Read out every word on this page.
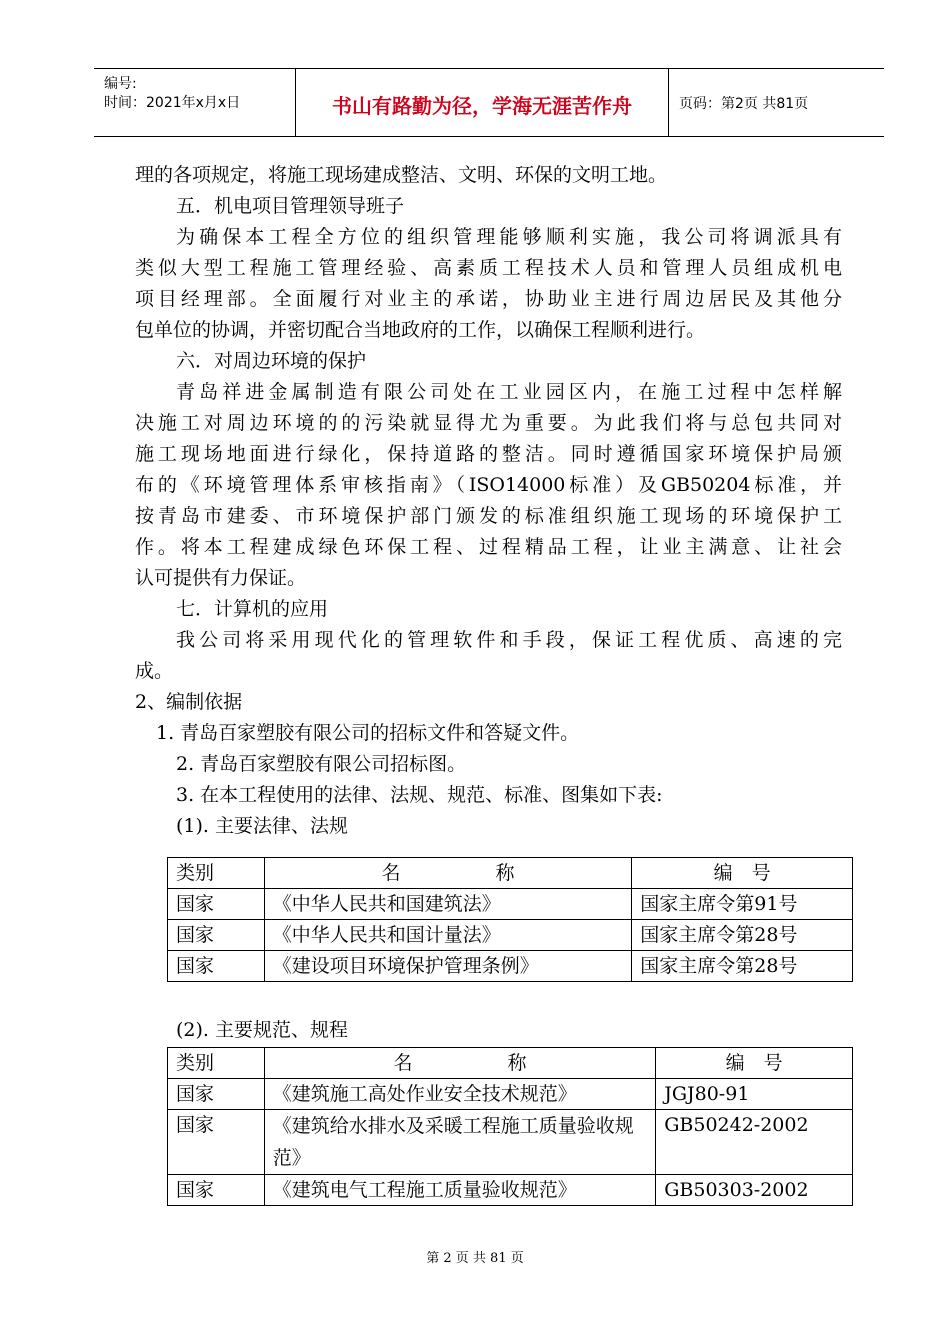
编号:
时间：2021年x月x日	书山有路勤为径，学海无涯苦作舟	页码：第2页 共81页
理的各项规定，将施工现场建成整洁、文明、环保的文明工地。
五．机电项目管理领导班子
为确保本工程全方位的组织管理能够顺利实施，我公司将调派具有
类似大型工程施工管理经验、高素质工程技术人员和管理人员组成机电
项目经理部。全面履行对业主的承诺，协助业主进行周边居民及其他分
包单位的协调，并密切配合当地政府的工作，以确保工程顺利进行。
六．对周边环境的保护
青岛祥进金属制造有限公司处在工业园区内，在施工过程中怎样解
决施工对周边环境的的污染就显得尤为重要。为此我们将与总包共同对
施工现场地面进行绿化，保持道路的整洁。同时遵循国家环境保护局颁
布的《环境管理体系审核指南》（ISO14000标准）及GB50204标准，并
按青岛市建委、市环境保护部门颁发的标准组织施工现场的环境保护工
作。将本工程建成绿色环保工程、过程精品工程，让业主满意、让社会
认可提供有力保证。
七．计算机的应用
我公司将采用现代化的管理软件和手段，保证工程优质、高速的完
成。
2、编制依据
1. 青岛百家塑胶有限公司的招标文件和答疑文件。
2. 青岛百家塑胶有限公司招标图。
3. 在本工程使用的法律、法规、规范、标准、图集如下表:
(1). 主要法律、法规
类别	名　　　　　称	编　号
国家	《中华人民共和国建筑法》	国家主席令第91号
国家	《中华人民共和国计量法》	国家主席令第28号
国家	《建设项目环境保护管理条例》	国家主席令第28号
(2). 主要规范、规程
类别	名　　　　　称	编　号
国家	《建筑施工高处作业安全技术规范》	JGJ80-91
国家	《建筑给水排水及采暖工程施工质量验收规范》	GB50242-2002
国家	《建筑电气工程施工质量验收规范》	GB50303-2002
第 2 页 共 81 页
